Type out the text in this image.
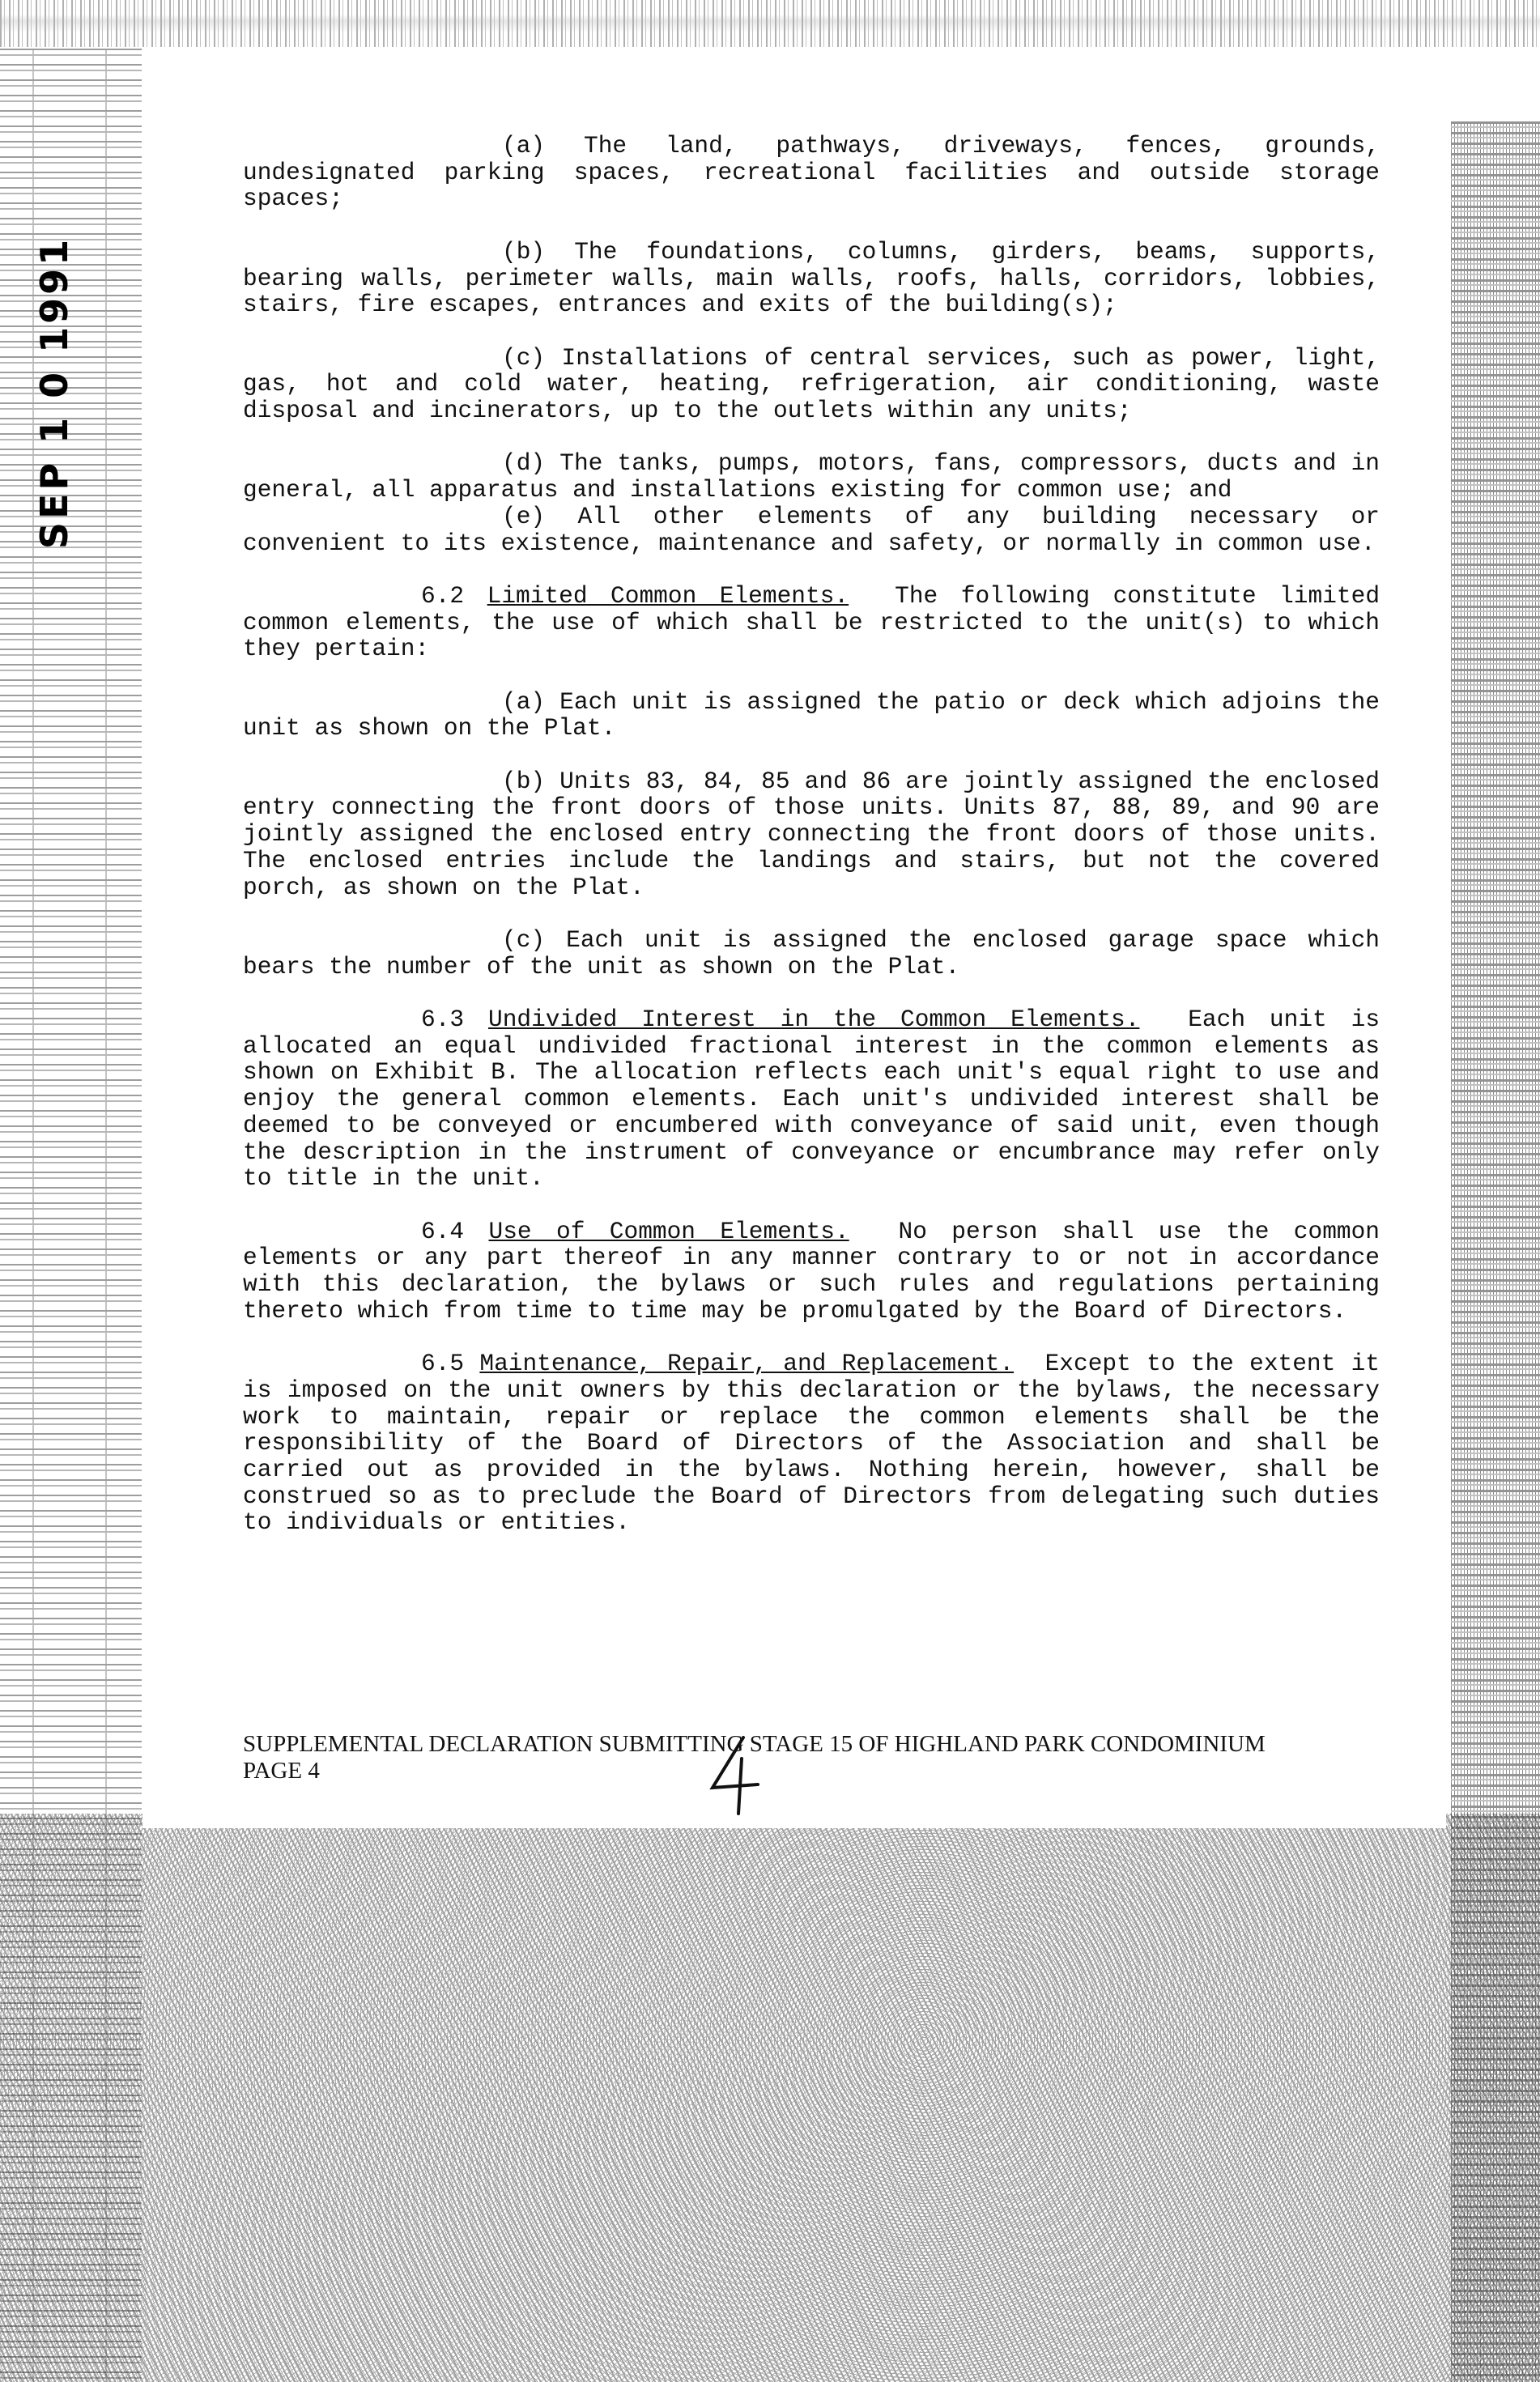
SEP 1 0 1991

(a) The land, pathways, driveways, fences, grounds, undesignated parking spaces, recreational facilities and outside storage spaces;

(b) The foundations, columns, girders, beams, supports, bearing walls, perimeter walls, main walls, roofs, halls, corridors, lobbies, stairs, fire escapes, entrances and exits of the building(s);

(c) Installations of central services, such as power, light, gas, hot and cold water, heating, refrigeration, air conditioning, waste disposal and incinerators, up to the outlets within any units;

(d) The tanks, pumps, motors, fans, compressors, ducts and in general, all apparatus and installations existing for common use; and

(e) All other elements of any building necessary or convenient to its existence, maintenance and safety, or normally in common use.

6.2 Limited Common Elements. The following constitute limited common elements, the use of which shall be restricted to the unit(s) to which they pertain:

(a) Each unit is assigned the patio or deck which adjoins the unit as shown on the Plat.

(b) Units 83, 84, 85 and 86 are jointly assigned the enclosed entry connecting the front doors of those units. Units 87, 88, 89, and 90 are jointly assigned the enclosed entry connecting the front doors of those units. The enclosed entries include the landings and stairs, but not the covered porch, as shown on the Plat.

(c) Each unit is assigned the enclosed garage space which bears the number of the unit as shown on the Plat.

6.3 Undivided Interest in the Common Elements. Each unit is allocated an equal undivided fractional interest in the common elements as shown on Exhibit B. The allocation reflects each unit's equal right to use and enjoy the general common elements. Each unit's undivided interest shall be deemed to be conveyed or encumbered with conveyance of said unit, even though the description in the instrument of conveyance or encumbrance may refer only to title in the unit.

6.4 Use of Common Elements. No person shall use the common elements or any part thereof in any manner contrary to or not in accordance with this declaration, the bylaws or such rules and regulations pertaining thereto which from time to time may be promulgated by the Board of Directors.

6.5 Maintenance, Repair, and Replacement. Except to the extent it is imposed on the unit owners by this declaration or the bylaws, the necessary work to maintain, repair or replace the common elements shall be the responsibility of the Board of Directors of the Association and shall be carried out as provided in the bylaws. Nothing herein, however, shall be construed so as to preclude the Board of Directors from delegating such duties to individuals or entities.

SUPPLEMENTAL DECLARATION SUBMITTING STAGE 15 OF HIGHLAND PARK CONDOMINIUM
PAGE 4
